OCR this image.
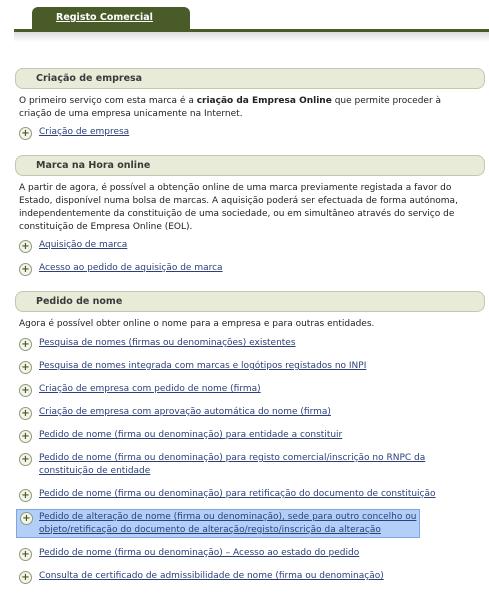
Registo Comercial
Criação de empresa
O primeiro serviço com esta marca é a criação da Empresa Online que permite proceder à criação de uma empresa unicamente na Internet.
+ Criação de empresa
Marca na Hora online
A partir de agora, é possível a obtenção online de uma marca previamente registada a favor do Estado, disponível numa bolsa de marcas. A aquisição poderá ser efectuada de forma autónoma, independentemente da constituição de uma sociedade, ou em simultâneo através do serviço de constituição de Empresa Online (EOL).
+ Aquisição de marca
+ Acesso ao pedido de aquisição de marca
Pedido de nome
Agora é possível obter online o nome para a empresa e para outras entidades.
+ Pesquisa de nomes (firmas ou denominações) existentes
+ Pesquisa de nomes integrada com marcas e logótipos registados no INPI
+ Criação de empresa com pedido de nome (firma)
+ Criação de empresa com aprovação automática do nome (firma)
+ Pedido de nome (firma ou denominação) para entidade a constituir
+ Pedido de nome (firma ou denominação) para registo comercial/inscrição no RNPC da constituição de entidade
+ Pedido de nome (firma ou denominação) para retificação do documento de constituição
+ Pedido de alteração de nome (firma ou denominação), sede para outro concelho ou objeto/retificação do documento de alteração/registo/inscrição da alteração
+ Pedido de nome (firma ou denominação) – Acesso ao estado do pedido
+ Consulta de certificado de admissibilidade de nome (firma ou denominação)
